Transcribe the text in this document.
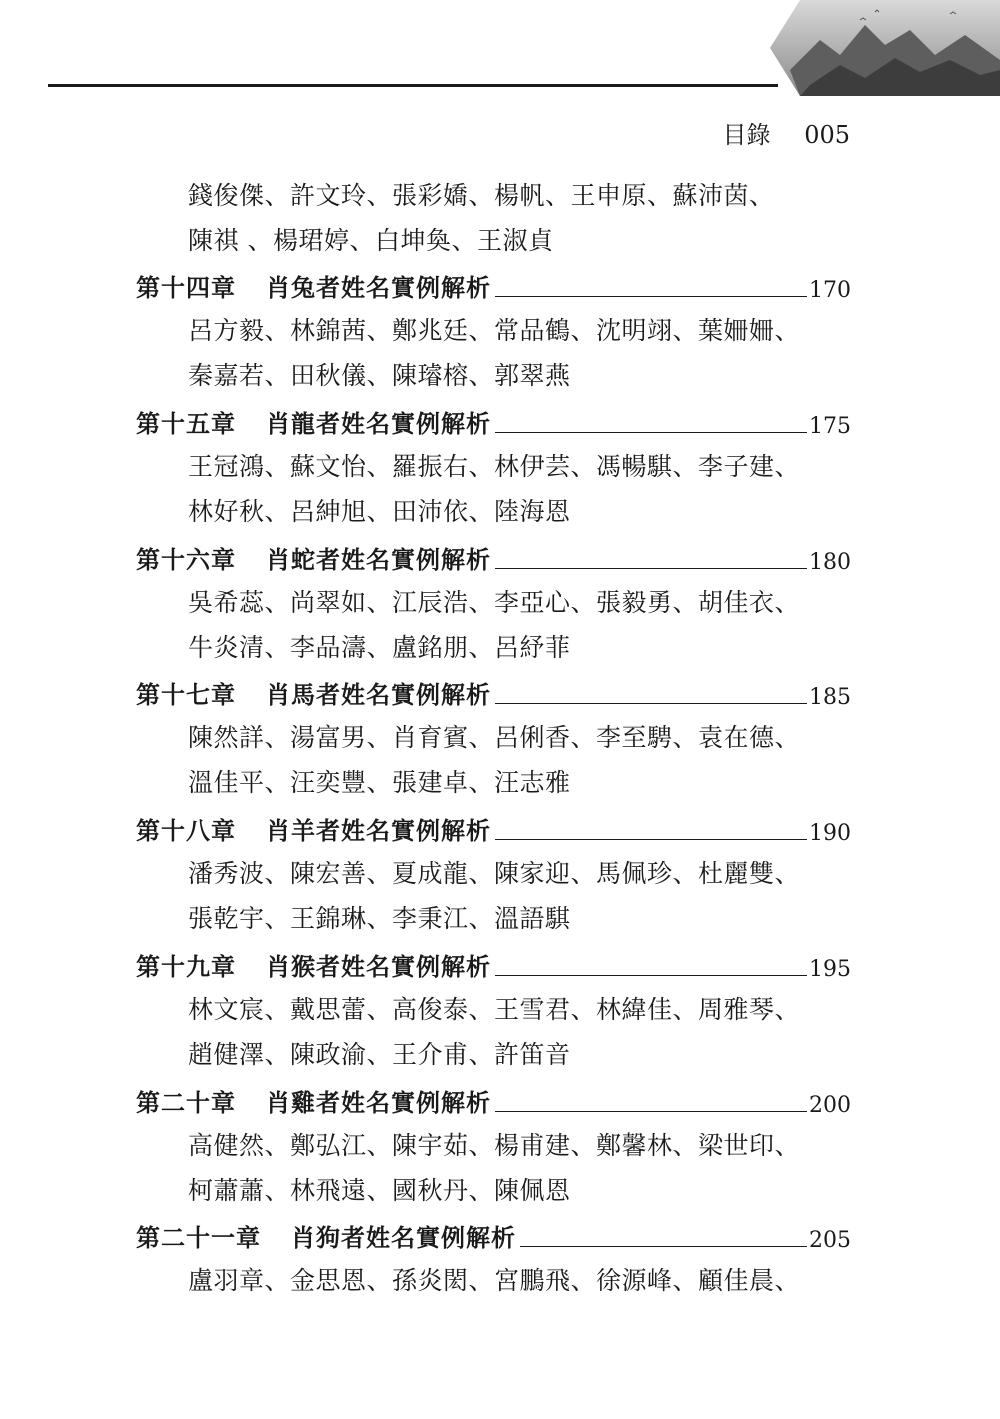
目錄 005
錢俊傑、許文玲、張彩嬌、楊帆、王申原、蘇沛茵、
陳祺 、楊珺婷、白坤奐、王淑貞
第十四章 肖兔者姓名實例解析	170
呂方毅、林錦茜、鄭兆廷、常品鶴、沈明翊、葉姍姍、
秦嘉若、田秋儀、陳璿榕、郭翠燕
第十五章 肖龍者姓名實例解析	175
王冠鴻、蘇文怡、羅振右、林伊芸、馮暢騏、李子建、
林好秋、呂紳旭、田沛依、陸海恩
第十六章 肖蛇者姓名實例解析	180
吳希蕊、尚翠如、江辰浩、李亞心、張毅勇、胡佳衣、
牛炎清、李品濤、盧銘朋、呂紓菲
第十七章 肖馬者姓名實例解析	185
陳然詳、湯富男、肖育賓、呂俐香、李至騁、袁在德、
溫佳平、汪奕豐、張建卓、汪志雅
第十八章 肖羊者姓名實例解析	190
潘秀波、陳宏善、夏成龍、陳家迎、馬佩珍、杜麗雙、
張乾宇、王錦琳、李秉江、溫語騏
第十九章 肖猴者姓名實例解析	195
林文宸、戴思蕾、高俊泰、王雪君、林緯佳、周雅琴、
趙健澤、陳政渝、王介甫、許笛音
第二十章 肖雞者姓名實例解析	200
高健然、鄭弘江、陳宇茹、楊甫建、鄭馨林、梁世印、
柯蕭蕭、林飛遠、國秋丹、陳佩恩
第二十一章 肖狗者姓名實例解析	205
盧羽章、金思恩、孫炎閎、宮鵬飛、徐源峰、顧佳晨、
